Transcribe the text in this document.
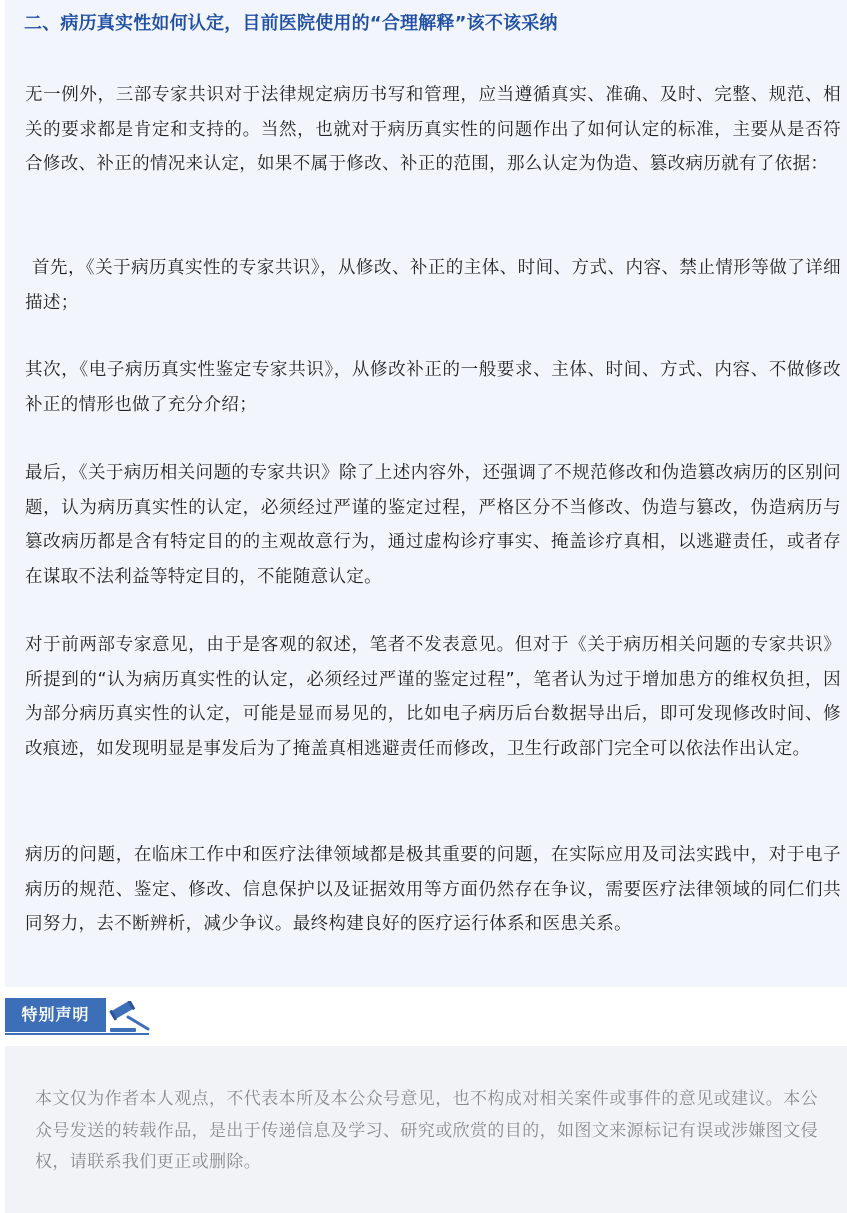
二、病历真实性如何认定，目前医院使用的“合理解释”该不该采纳

无一例外，三部专家共识对于法律规定病历书写和管理，应当遵循真实、准确、及时、完整、规范、相关的要求都是肯定和支持的。当然，也就对于病历真实性的问题作出了如何认定的标准，主要从是否符合修改、补正的情况来认定，如果不属于修改、补正的范围，那么认定为伪造、篡改病历就有了依据：

首先，《关于病历真实性的专家共识》，从修改、补正的主体、时间、方式、内容、禁止情形等做了详细描述；

其次，《电子病历真实性鉴定专家共识》，从修改补正的一般要求、主体、时间、方式、内容、不做修改补正的情形也做了充分介绍；

最后，《关于病历相关问题的专家共识》除了上述内容外，还强调了不规范修改和伪造篡改病历的区别问题，认为病历真实性的认定，必须经过严谨的鉴定过程，严格区分不当修改、伪造与篡改，伪造病历与篡改病历都是含有特定目的的主观故意行为，通过虚构诊疗事实、掩盖诊疗真相，以逃避责任，或者存在谋取不法利益等特定目的，不能随意认定。

对于前两部专家意见，由于是客观的叙述，笔者不发表意见。但对于《关于病历相关问题的专家共识》所提到的“认为病历真实性的认定，必须经过严谨的鉴定过程”，笔者认为过于增加患方的维权负担，因为部分病历真实性的认定，可能是显而易见的，比如电子病历后台数据导出后，即可发现修改时间、修改痕迹，如发现明显是事发后为了掩盖真相逃避责任而修改，卫生行政部门完全可以依法作出认定。

病历的问题，在临床工作中和医疗法律领域都是极其重要的问题，在实际应用及司法实践中，对于电子病历的规范、鉴定、修改、信息保护以及证据效用等方面仍然存在争议，需要医疗法律领域的同仁们共同努力，去不断辨析，减少争议。最终构建良好的医疗运行体系和医患关系。

特别声明

本文仅为作者本人观点，不代表本所及本公众号意见，也不构成对相关案件或事件的意见或建议。本公众号发送的转载作品，是出于传递信息及学习、研究或欣赏的目的，如图文来源标记有误或涉嫌图文侵权，请联系我们更正或删除。
